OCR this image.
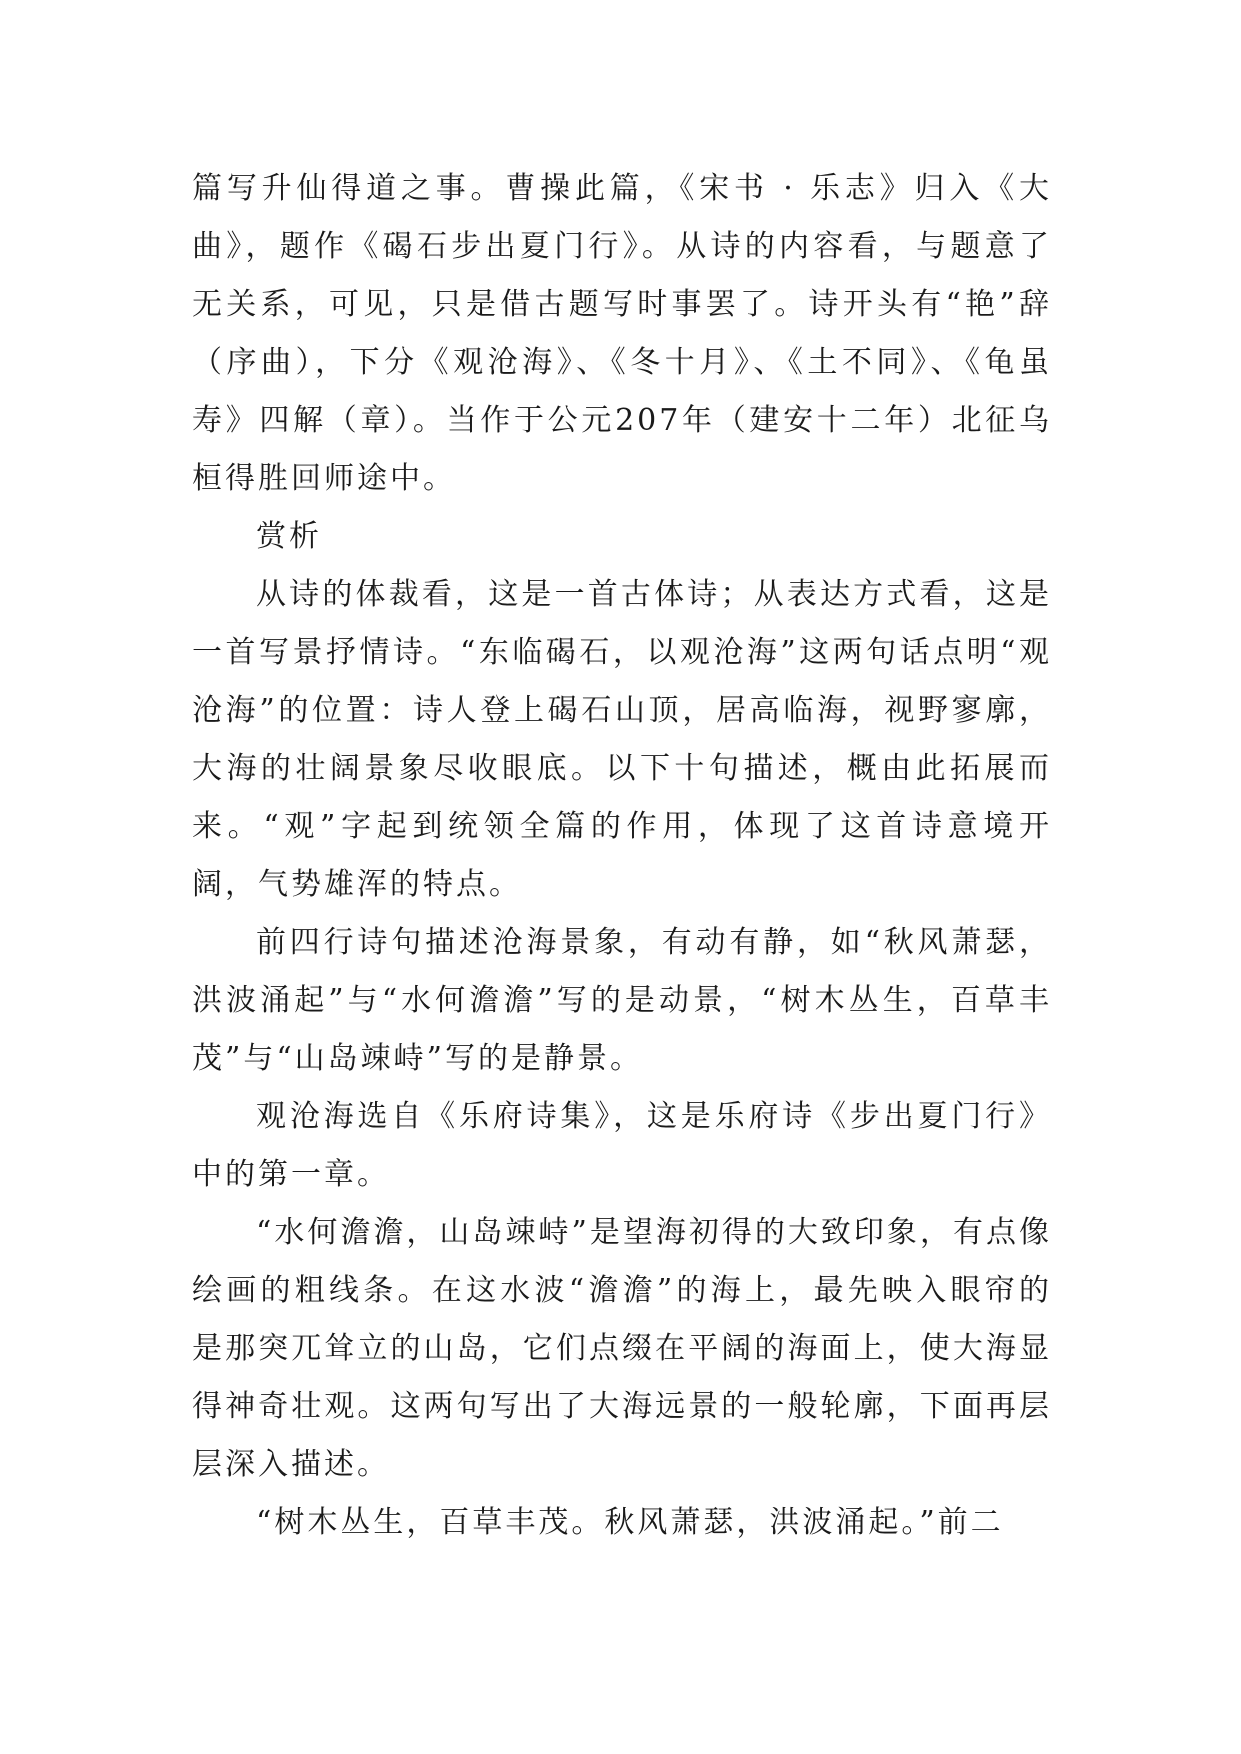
篇写升仙得道之事。曹操此篇，《宋书 · 乐志》归入《大曲》，题作《碣石步出夏门行》。从诗的内容看，与题意了无关系，可见，只是借古题写时事罢了。诗开头有“艳”辞（序曲），下分《观沧海》、《冬十月》、《土不同》、《龟虽寿》四解（章）。当作于公元207年（建安十二年）北征乌桓得胜回师途中。

赏析

从诗的体裁看，这是一首古体诗；从表达方式看，这是一首写景抒情诗。“东临碣石，以观沧海”这两句话点明“观沧海”的位置：诗人登上碣石山顶，居高临海，视野寥廓，大海的壮阔景象尽收眼底。以下十句描述，概由此拓展而来。“观”字起到统领全篇的作用，体现了这首诗意境开阔，气势雄浑的特点。

前四行诗句描述沧海景象，有动有静，如“秋风萧瑟，洪波涌起”与“水何澹澹”写的是动景，“树木丛生，百草丰茂”与“山岛竦峙”写的是静景。

观沧海选自《乐府诗集》，这是乐府诗《步出夏门行》中的第一章。

“水何澹澹，山岛竦峙”是望海初得的大致印象，有点像绘画的粗线条。在这水波“澹澹”的海上，最先映入眼帘的是那突兀耸立的山岛，它们点缀在平阔的海面上，使大海显得神奇壮观。这两句写出了大海远景的一般轮廓，下面再层层深入描述。

“树木丛生，百草丰茂。秋风萧瑟，洪波涌起。”前二
